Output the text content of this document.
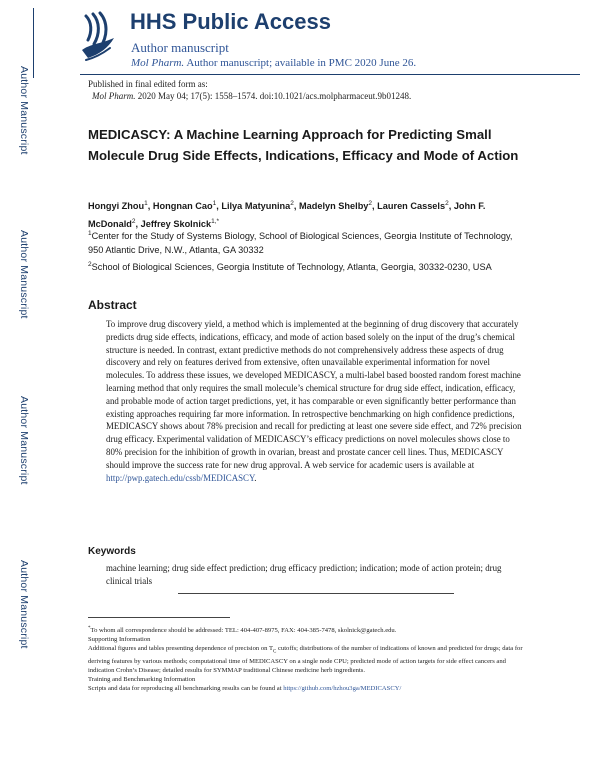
Author Manuscript
Author Manuscript
Author Manuscript
Author Manuscript
HHS Public Access
Author manuscript
Mol Pharm. Author manuscript; available in PMC 2020 June 26.
Published in final edited form as:
Mol Pharm. 2020 May 04; 17(5): 1558–1574. doi:10.1021/acs.molpharmaceut.9b01248.
MEDICASCY: A Machine Learning Approach for Predicting Small Molecule Drug Side Effects, Indications, Efficacy and Mode of Action
Hongyi Zhou$^1$, Hongnan Cao$^1$, Lilya Matyunina$^2$, Madelyn Shelby$^2$, Lauren Cassels$^2$, John F. McDonald$^2$, Jeffrey Skolnick$^{1,*}$
$^1$Center for the Study of Systems Biology, School of Biological Sciences, Georgia Institute of Technology, 950 Atlantic Drive, N.W., Atlanta, GA 30332
$^2$School of Biological Sciences, Georgia Institute of Technology, Atlanta, Georgia, 30332-0230, USA
Abstract

To improve drug discovery yield, a method which is implemented at the beginning of drug discovery that accurately predicts drug side effects, indications, efficacy, and mode of action based solely on the input of the drug’s chemical structure is needed. In contrast, extant predictive methods do not comprehensively address these aspects of drug discovery and rely on features derived from extensive, often unavailable experimental information for novel molecules. To address these issues, we developed MEDICASCY, a multi-label based boosted random forest machine learning method that only requires the small molecule’s chemical structure for drug side effect, indication, efficacy, and probable mode of action target predictions, yet, it has comparable or even significantly better performance than existing approaches requiring far more information. In retrospective benchmarking on high confidence predictions, MEDICASCY shows about 78% precision and recall for predicting at least one severe side effect, and 72% precision drug efficacy. Experimental validation of MEDICASCY’s efficacy predictions on novel molecules shows close to 80% precision for the inhibition of growth in ovarian, breast and prostate cancer cell lines. Thus, MEDICASCY should improve the success rate for new drug approval. A web service for academic users is available at http://pwp.gatech.edu/cssb/MEDICASCY.

Keywords
machine learning; drug side effect prediction; drug efficacy prediction; indication; mode of action protein; drug clinical trials

*To whom all correspondence should be addressed: TEL: 404-407-8975, FAX: 404-385-7478, skolnick@gatech.edu.

Supporting Information

Additional figures and tables presenting dependence of precision on $T_C$ cutoffs; distributions of the number of indications of known and predicted for drugs; data for deriving features by various methods; computational time of MEDICASCY on a single node CPU; predicted mode of action targets for side effect cancers and indication Crohn’s Disease; detailed results for SYMMAP traditional Chinese medicine herb ingredients.

Training and Benchmarking Information

Scripts and data for reproducing all benchmarking results can be found at https://github.com/hzhou3ga/MEDICASCY/
